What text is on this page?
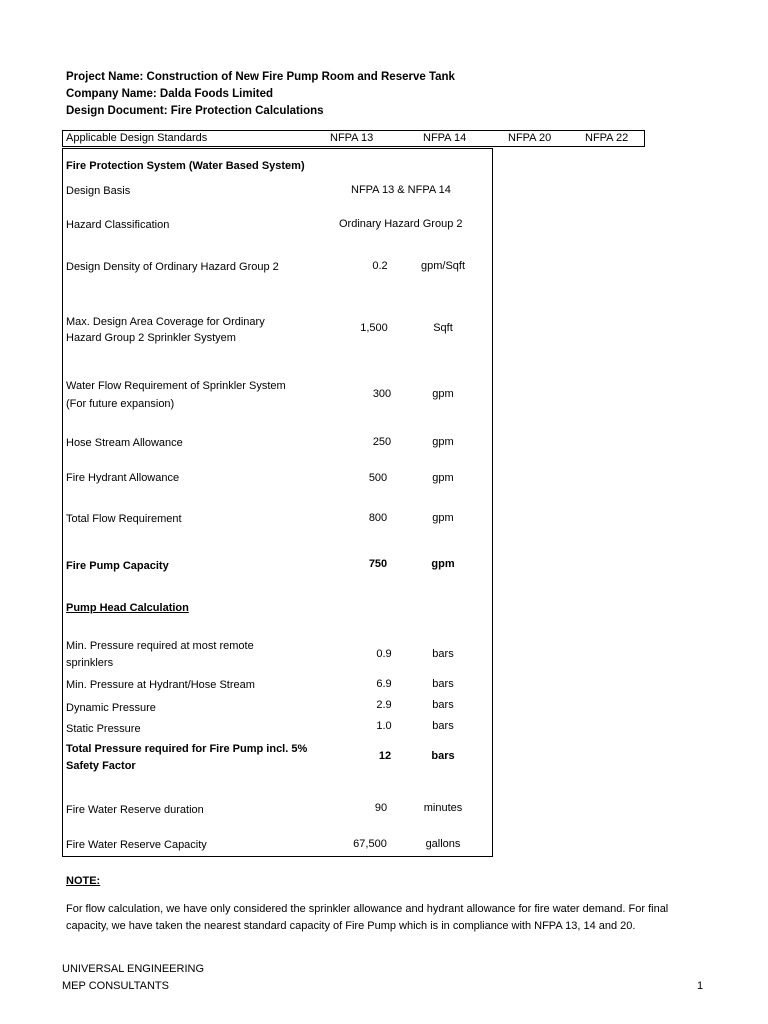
Project Name: Construction of New Fire Pump Room and Reserve Tank
Company Name: Dalda Foods Limited
Design Document: Fire Protection Calculations
Applicable Design Standards	NFPA 13	NFPA 14	NFPA 20	NFPA 22
Fire Protection System (Water Based System)
Design Basis	NFPA 13 & NFPA 14
Hazard Classification	Ordinary Hazard Group 2
Design Density of Ordinary Hazard Group 2	0.2	gpm/Sqft
Max. Design Area Coverage for Ordinary
Hazard Group 2 Sprinkler Systyem
1,500	Sqft
Water Flow Requirement of Sprinkler System
(For future expansion)
300	gpm
Hose Stream Allowance	250	gpm
Fire Hydrant Allowance	500	gpm
Total Flow Requirement	800	gpm
Fire Pump Capacity	750	gpm
Pump Head Calculation
Min. Pressure required at most remote
sprinklers
0.9	bars
Min. Pressure at Hydrant/Hose Stream	6.9	bars
Dynamic Pressure	2.9	bars
Static Pressure	1.0	bars
Total Pressure required for Fire Pump incl. 5%
Safety Factor
12	bars
Fire Water Reserve duration	90	minutes
Fire Water Reserve Capacity	67,500	gallons
NOTE:
For flow calculation, we have only considered the sprinkler allowance and hydrant allowance for fire water demand. For final
capacity, we have taken the nearest standard capacity of Fire Pump which is in compliance with NFPA 13, 14 and 20.
UNIVERSAL ENGINEERING
MEP CONSULTANTS	1
